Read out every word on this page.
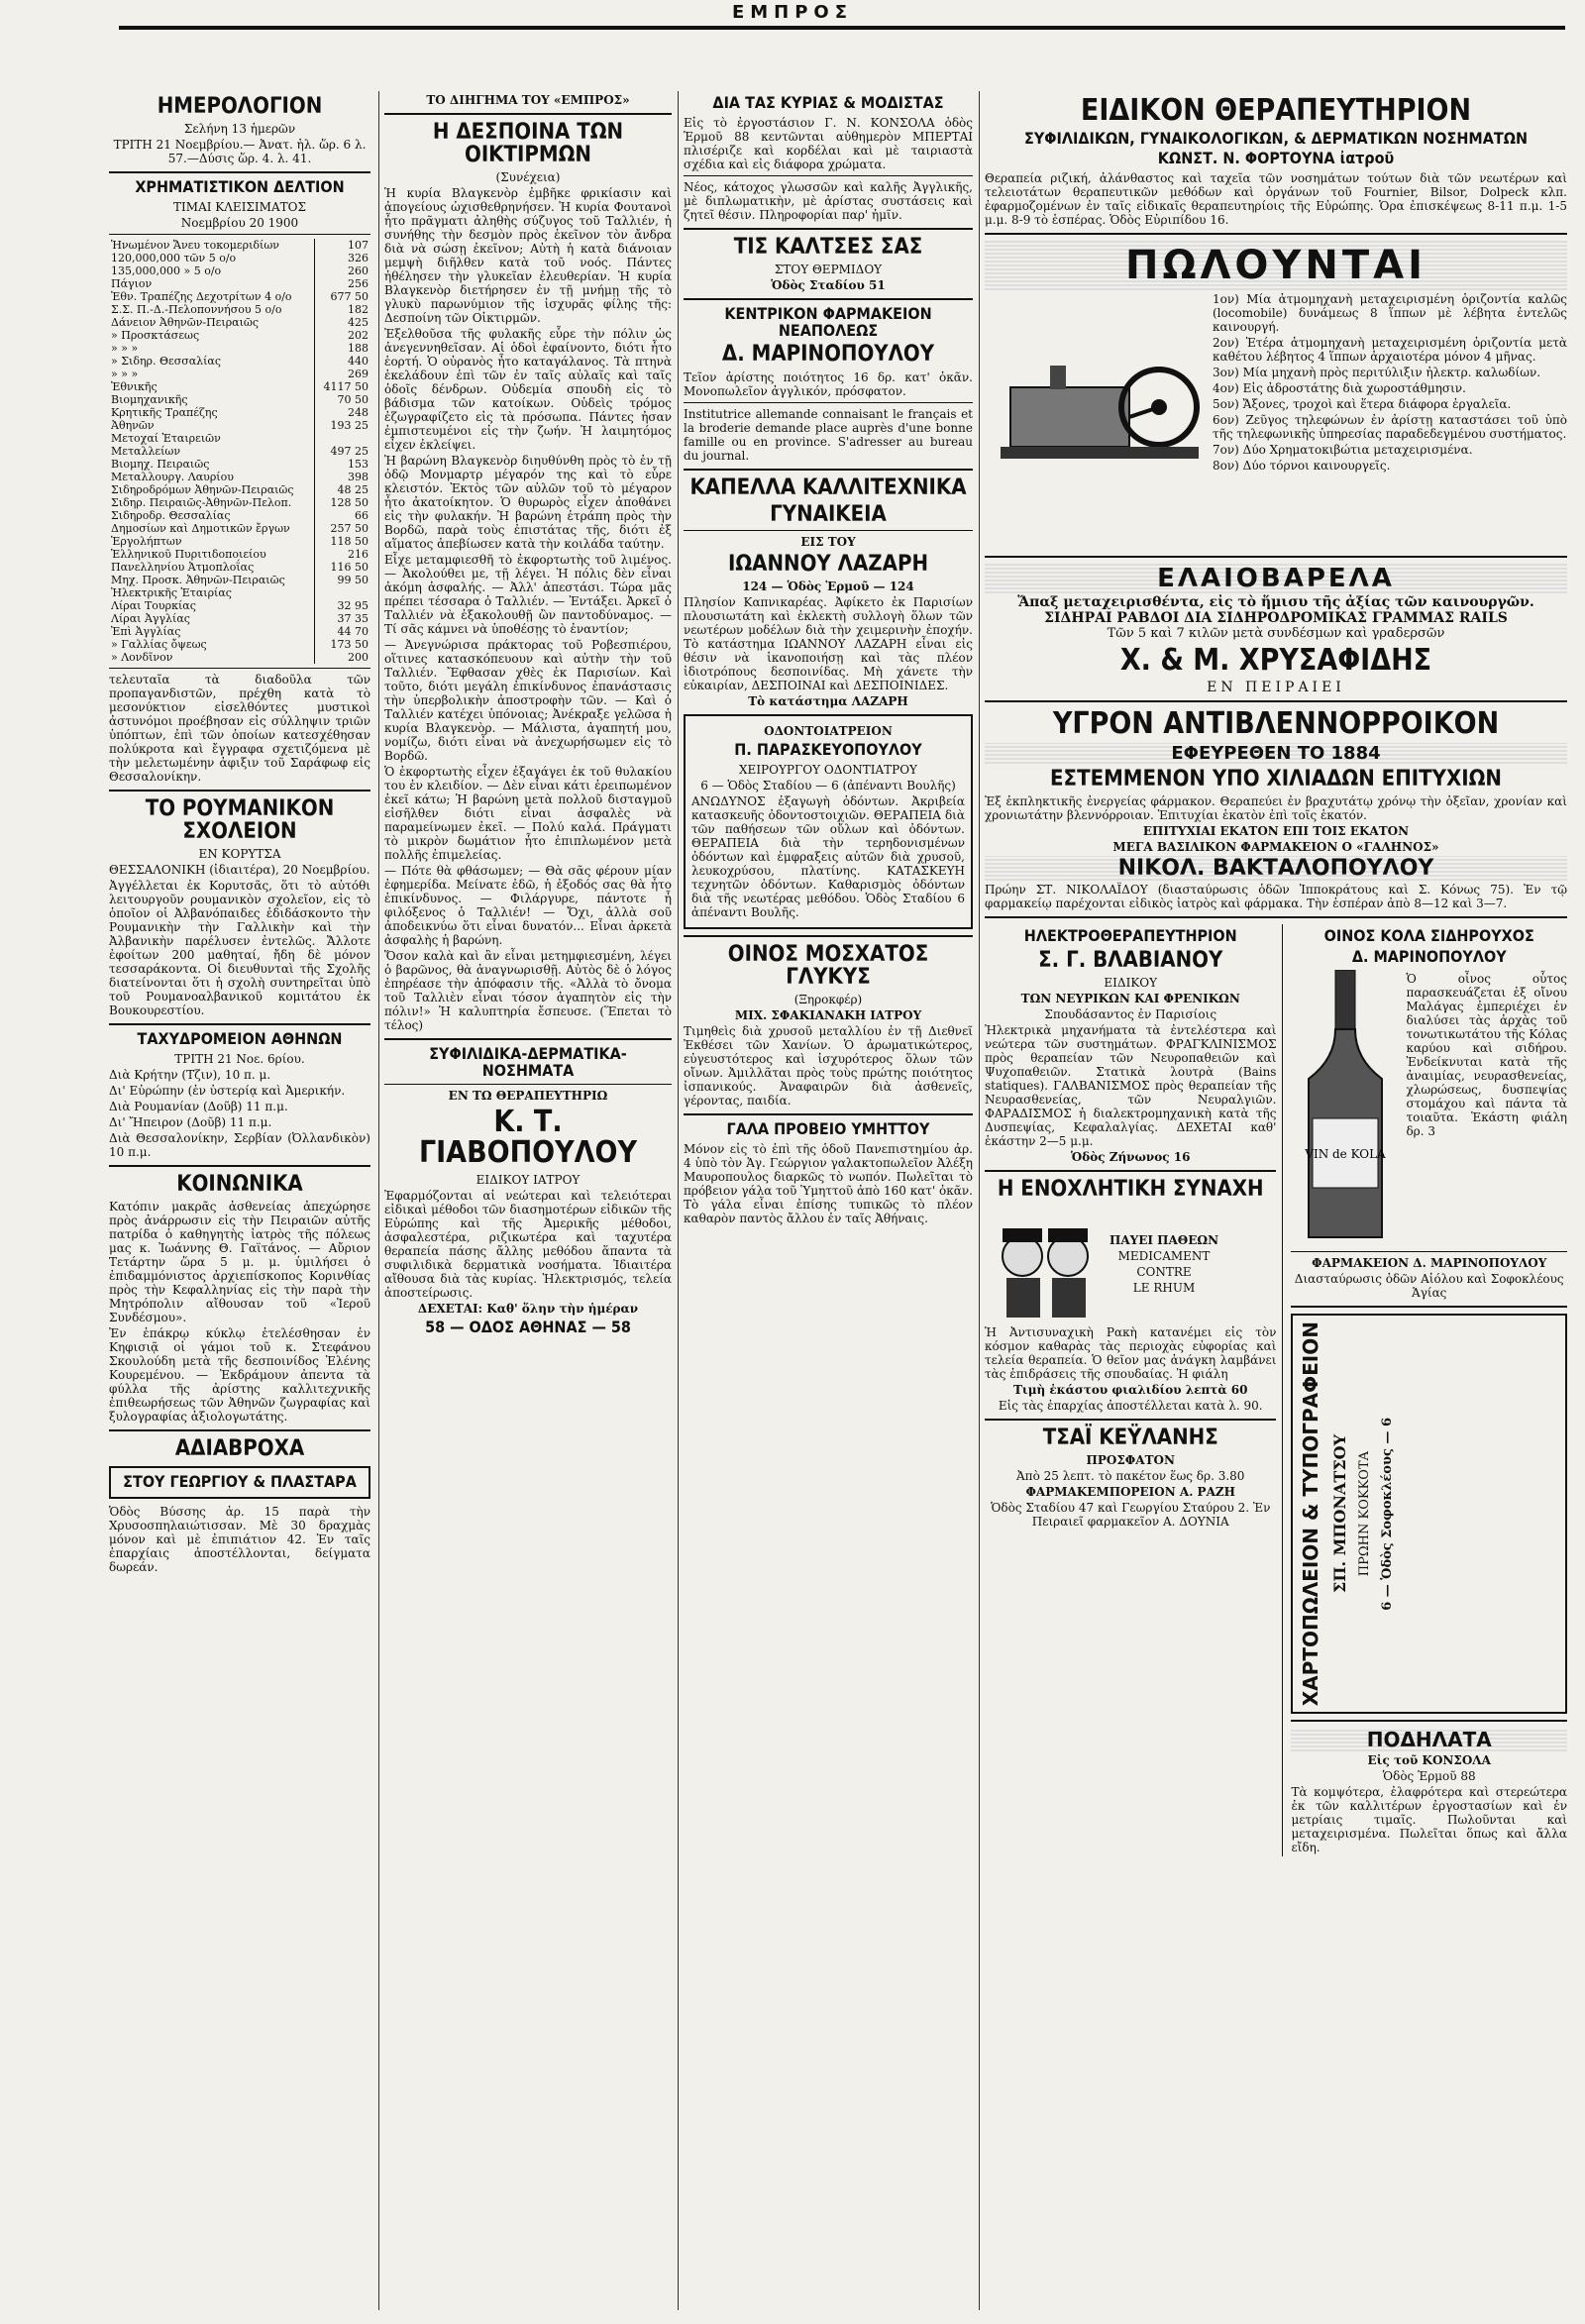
ΕΜΠΡΟΣ
ΗΜΕΡΟΛΟΓΙΟΝ

Σελήνη 13 ἡμερῶν

ΤΡΙΤΗ 21 Νοεμβρίου.— Ἀνατ. ἡλ. ὥρ. 6 λ. 57.—Δύσις ὥρ. 4. λ. 41.

ΧΡΗΜΑΤΙΣΤΙΚΟΝ ΔΕΛΤΙΟΝ

ΤΙΜΑΙ ΚΛΕΙΣΙΜΑΤΟΣ

Νοεμβρίου 20 1900

Ἡνωμένον Ἄνευ τοκομεριδίων	107
120,000,000 τῶν 5 ο/ο	326
135,000,000 » 5 ο/ο	260
Πάγιον	256
Ἐθν. Τραπέζης Δεχοτρίτων 4 ο/ο	677 50
Σ.Σ. Π.-Δ.-Πελοποννήσου 5 ο/ο	182
Δάνειον Ἀθηνῶν-Πειραιῶς	425
» Προσκτάσεως	202
» » »	188
» Σιδηρ. Θεσσαλίας	440
» » »	269
Ἐθνικῆς	4117 50
Βιομηχανικῆς	70 50
Κρητικῆς Τραπέζης	248
Ἀθηνῶν	193 25
Μετοχαί Ἑταιρειῶν	
Μεταλλείων	497 25
Βιομηχ. Πειραιῶς	153
Μεταλλουργ. Λαυρίου	398
Σιδηροδρόμων Ἀθηνῶν-Πειραιῶς	48 25
Σιδηρ. Πειραιῶς-Ἀθηνῶν-Πελοπ.	128 50
Σιδηροδρ. Θεσσαλίας	66
Δημοσίων καὶ Δημοτικῶν ἔργων	257 50
Ἐργολήπτων	118 50
Ἑλληνικοῦ Πυριτιδοποιείου	216
Πανελληνίου Ἀτμοπλοΐας	116 50
Μηχ. Προσκ. Ἀθηνῶν-Πειραιῶς	99 50
Ἠλεκτρικῆς Ἑταιρίας	
Λίραι Τουρκίας	32 95
Λίραι Ἀγγλίας	37 35
Ἐπὶ Ἀγγλίας	44 70
» Γαλλίας ὄψεως	173 50
» Λονδῖνον	200

τελευταῖα τὰ διαδοῦλα τῶν προπαγανδιστῶν, πρέχθη κατὰ τὸ μεσονύκτιον εἰσελθόντες μυστικοὶ ἀστυνόμοι προέβησαν εἰς σύλληψιν τριῶν ὑπόπτων, ἐπὶ τῶν ὁποίων κατεσχέθησαν πολύκροτα καὶ ἔγγραφα σχετιζόμενα μὲ τὴν μελετωμένην ἀφιξιν τοῦ Σαράφωφ εἰς Θεσσαλονίκην.

ΤΟ ΡΟΥΜΑΝΙΚΟΝ ΣΧΟΛΕΙΟΝ

ΕΝ ΚΟΡΥΤΣΑ

ΘΕΣΣΑΛΟΝΙΚΗ (ἰδιαιτέρα), 20 Νοεμβρίου.

Ἀγγέλλεται ἐκ Κορυτσᾶς, ὅτι τὸ αὐτόθι λειτουργοῦν ρουμανικὸν σχολεῖον, εἰς τὸ ὁποῖον οἱ Ἀλβανόπαιδες ἐδιδάσκοντο τὴν Ρουμανικὴν τὴν Γαλλικὴν καὶ τὴν Ἀλβανικὴν παρέλυσεν ἐντελῶς. Ἄλλοτε ἐφοίτων 200 μαθηταί, ἤδη δὲ μόνον τεσσαράκοντα. Οἱ διευθυνταὶ τῆς Σχολῆς διατείνονται ὅτι ἡ σχολὴ συντηρεῖται ὑπὸ τοῦ Ρουμανοαλβανικοῦ κομιτάτου ἐκ Βουκουρεστίου.

ΤΑΧΥΔΡΟΜΕΙΟΝ ΑΘΗΝΩΝ

ΤΡΙΤΗ 21 Νοε. 6ρίου.

Διὰ Κρήτην (Τζιν), 10 π. μ.

Δι' Εὐρώπην (ἐν ὑστερίᾳ καὶ Ἀμερικήν.

Διὰ Ρουμανίαν (Δοῦβ) 11 π.μ.

Δι' Ἤπειρον (Δοῦβ) 11 π.μ.

Διὰ Θεσσαλονίκην, Σερβίαν (Ὀλλανδικὸν) 10 π.μ.

ΚΟΙΝΩΝΙΚΑ

Κατόπιν μακρᾶς ἀσθενείας ἀπεχώρησε πρὸς ἀνάρρωσιν εἰς τὴν Πειραιῶν αὐτῆς πατρίδα ὁ καθηγητὴς ἰατρὸς τῆς πόλεως μας κ. Ἰωάννης Θ. Γαϊτάνος. — Αὔριον Τετάρτην ὥρα 5 μ. μ. ὑμιλήσει ὁ ἐπιδαμμόνιστος ἀρχιεπίσκοπος Κορινθίας πρὸς τὴν Κεφαλληνίας εἰς τὴν παρὰ τὴν Μητρόπολιν αἴθουσαν τοῦ «Ἱεροῦ Συνδέσμου».

Ἐν ἐπάκρῳ κύκλῳ ἐτελέσθησαν ἐν Κηφισιᾷ οἱ γάμοι τοῦ κ. Στεφάνου Σκουλούδη μετὰ τῆς δεσποινίδος Ἐλένης Κουρεμένου. — Ἐκδράμουν ἀπεντα τὰ φύλλα τῆς ἀρίστης καλλιτεχνικῆς ἐπιθεωρήσεως τῶν Ἀθηνῶν ζωγραφίας καὶ ξυλογραφίας ἀξιολογωτάτης.

ΑΔΙΑΒΡΟΧΑ
ΣΤΟΥ ΓΕΩΡΓΙΟΥ & ΠΛΑΣΤΑΡΑ

Ὁδὸς Βύσσης ἀρ. 15 παρὰ τὴν Χρυσοσπηλαιώτισσαν. Μὲ 30 δραχμὰς μόνον καὶ μὲ ἐπιπιάτιον 42. Ἐν ταῖς ἐπαρχίαις ἀποστέλλονται, δείγματα δωρεάν.

ΤΟ ΔΙΗΓΗΜΑ ΤΟΥ «ΕΜΠΡΟΣ»

Η ΔΕΣΠΟΙΝΑ ΤΩΝ ΟΙΚΤΙΡΜΩΝ

(Συνέχεια)

Ἡ κυρία Βλαγκενὸρ ἐμβῆκε φρικίασιν καὶ ἀπογείους ὠχισθεθρηνήσεν. Ἡ κυρία Φουτανοὶ ἦτο πρᾶγματι ἀληθὴς σύζυγος τοῦ Ταλλιέν, ἡ συνήθης τὴν δεσμὸν πρὸς ἐκεῖνον τὸν ἄνδρα διὰ νὰ σώσῃ ἐκεῖνον; Αὐτὴ ἡ κατὰ διάνοιαν μεμψὴ διῆλθεν κατὰ τοῦ νοός. Πάντες ἠθέλησεν τὴν γλυκεῖαν ἐλευθερίαν. Ἡ κυρία Βλαγκενὸρ διετήρησεν ἐν τῇ μνήμῃ τῆς τὸ γλυκὺ παρωνύμιον τῆς ἰσχυρᾶς φίλης τῆς: Δεσποίνη τῶν Οἰκτιρμῶν.

Ἐξελθοῦσα τῆς φυλακῆς εὗρε τὴν πόλιν ὡς ἀνεγεννηθεῖσαν. Αἱ ὁδοὶ ἐφαίνοντο, διότι ἦτο ἑορτή. Ὁ οὐρανὸς ἦτο καταγάλανος. Τὰ πτηνὰ ἐκελάδουν ἐπὶ τῶν ἐν ταῖς αὐλαῖς καὶ ταῖς ὁδοῖς δένδρων. Οὐδεμία σπουδὴ εἰς τὸ βάδισμα τῶν κατοίκων. Οὐδεὶς τρόμος ἐζωγραφίζετο εἰς τὰ πρόσωπα. Πάντες ἠσαν ἐμπιστευμένοι εἰς τὴν ζωήν. Ἡ λαιμητόμος εἶχεν ἐκλείψει.

Ἡ βαρώνη Βλαγκενὸρ διηυθύνθη πρὸς τὸ ἐν τῇ ὁδῷ Μονμαρτρ μέγαρόν της καὶ τὸ εὗρε κλειστόν. Ἐκτὸς τῶν αὐλῶν τοῦ τὸ μέγαρον ἦτο ἀκατοίκητον. Ὁ θυρωρὸς εἶχεν ἀποθάνει εἰς τὴν φυλακήν. Ἡ βαρώνη ἐτράπη πρὸς τὴν Βορδῶ, παρὰ τοὺς ἐπιστάτας τῆς, διότι ἐξ αἵματος ἀπεβίωσεν κατὰ τὴν κοιλάδα ταύτην.

Εἶχε μεταμφιεσθῆ τὸ ἐκφορτωτὴς τοῦ λιμένος. — Ἀκολούθει με, τῇ λέγει. Ἡ πόλις δὲν εἶναι ἀκόμη ἀσφαλής. — Ἀλλ' ἀπεστάσι. Τώρα μᾶς πρέπει τέσσαρα ὁ Ταλλιέν. — Ἐντάξει. Ἀρκεῖ ὁ Ταλλιέν νὰ ἐξακολουθῇ ὢν παντοδύναμος. — Τί σᾶς κάμνει νὰ ὑποθέσῃς τὸ ἐναντίον;

— Ἀνεγνώρισα πράκτορας τοῦ Ροβεσπιέρου, οἵτινες κατασκόπευουν καὶ αὐτὴν τὴν τοῦ Ταλλιέν. Ἔφθασαν χθὲς ἐκ Παρισίων. Καὶ τοῦτο, διότι μεγάλη ἐπικίνδυνος ἐπανάστασις τὴν ὑπερβολικὴν ἀποστροφὴν τῶν. — Καὶ ὁ Ταλλιέν κατέχει ὑπόνοιας; Ἀνέκραξε γελῶσα ἡ κυρία Βλαγκενὸρ. — Μάλιστα, ἀγαπητή μου, νομίζω, διότι εἶναι νὰ ἀνεχωρήσωμεν εἰς τὸ Βορδῶ.

Ὁ ἐκφορτωτὴς εἶχεν ἐξαγάγει ἐκ τοῦ θυλακίου του ἐν κλειδίον. — Δὲν εἶναι κάτι ἐρειπωμένον ἐκεῖ κάτω; Ἡ βαρώνη μετὰ πολλοῦ δισταγμοῦ εἰσῆλθεν διότι εἶναι ἀσφαλὲς νὰ παραμείνωμεν ἐκεῖ. — Πολύ καλά. Πράγματι τὸ μικρὸν δωμάτιον ἦτο ἐπιπλωμένον μετὰ πολλῆς ἐπιμελείας.

— Πότε θὰ φθάσωμεν; — Θὰ σᾶς φέρουν μίαν ἐφημερίδα. Μείνατε ἐδῶ, ἡ ἐξοδός σας θὰ ἦτο ἐπικίνδυνος. — Φιλάργυρε, πάντοτε ἦ φιλόξενος ὁ Ταλλιέν! — Ὄχι, ἀλλὰ σοῦ ἀποδεικνύω ὅτι εἶναι δυνατόν... Εἶναι ἀρκετὰ ἀσφαλὴς ἡ βαρώνη.

Ὅσον καλὰ καὶ ἂν εἶναι μετημφιεσμένη, λέγει ὁ βαρῶνος, θὰ ἀναγνωρισθῇ. Αὐτὸς δὲ ὁ λόγος ἐπηρέασε τὴν ἀπόφασιν τῆς. «Ἀλλὰ τὸ ὄνομα τοῦ Ταλλιὲν εἶναι τόσον ἀγαπητὸν εἰς τὴν πόλιν!» Ἡ καλυπτηρία ἔσπευσε. (Ἕπεται τὸ τέλος)

ΣΥΦΙΛΙΔΙΚΑ-ΔΕΡΜΑΤΙΚΑ-ΝΟΣΗΜΑΤΑ

ΕΝ ΤΩ ΘΕΡΑΠΕΥΤΗΡΙΩ

Κ. Τ. ΓΙΑΒΟΠΟΥΛΟΥ

ΕΙΔΙΚΟΥ ΙΑΤΡΟΥ

Ἐφαρμόζονται αἱ νεώτεραι καὶ τελειότεραι εἰδικαὶ μέθοδοι τῶν διασημοτέρων εἰδικῶν τῆς Εὐρώπης καὶ τῆς Ἀμερικῆς μέθοδοι, ἀσφαλεστέρα, ριζικωτέρα καὶ ταχυτέρα θεραπεία πάσης ἄλλης μεθόδου ἅπαντα τὰ συφιλιδικὰ δερματικὰ νοσήματα. Ἰδιαιτέρα αἴθουσα διὰ τὰς κυρίας. Ἠλεκτρισμός, τελεία ἀποστείρωσις.

ΔΕΧΕΤΑΙ: Καθ' ὅλην τὴν ἡμέραν

58 — ΟΔΟΣ ΑΘΗΝΑΣ — 58
ΔΙΑ ΤΑΣ ΚΥΡΙΑΣ & ΜΟΔΙΣΤΑΣ

Εἰς τὸ ἐργοστάσιον Γ. Ν. ΚΟΝΣΟΛΑ ὁδὸς Ἑρμοῦ 88 κεντῶνται αὐθημερὸν ΜΠΕΡΤΑΙ πλισέριζε καὶ κορδέλαι καὶ μὲ ταιριαστὰ σχέδια καὶ εἰς διάφορα χρώματα.

Νέος, κάτοχος γλωσσῶν καὶ καλῆς Ἀγγλικῆς, μὲ διπλωματικὴν, μὲ ἀρίστας συστάσεις καὶ ζητεῖ θέσιν. Πληροφορίαι παρ' ἡμῖν.

ΤΙΣ ΚΑΛΤΣΕΣ ΣΑΣ

ΣΤΟΥ ΘΕΡΜΙΔΟΥ

Ὁδὸς Σταδίου 51

ΚΕΝΤΡΙΚΟΝ ΦΑΡΜΑΚΕΙΟΝ ΝΕΑΠΟΛΕΩΣ
Δ. ΜΑΡΙΝΟΠΟΥΛΟΥ

Τεῖον ἀρίστης ποιότητος 16 δρ. κατ' ὀκᾶν. Μονοπωλεῖον ἀγγλικόν, πρόσφατον.

Institutrice allemande connaisant le français et la broderie demande place auprès d'une bonne famille ou en province. S'adresser au bureau du journal.

ΚΑΠΕΛΛΑ ΚΑΛΛΙΤΕΧΝΙΚΑ
ΓΥΝΑΙΚΕΙΑ

ΕΙΣ ΤΟΥ

ΙΩΑΝΝΟΥ ΛΑΖΑΡΗ

124 — Ὁδὸς Ἑρμοῦ — 124

Πλησίον Καπνικαρέας. Ἀφίκετο ἐκ Παρισίων πλουσιωτάτη καὶ ἐκλεκτὴ συλλογὴ ὅλων τῶν νεωτέρων μοδέλων διὰ τὴν χειμερινὴν ἐποχήν. Τὸ κατάστημα ΙΩΑΝΝΟΥ ΛΑΖΑΡΗ εἶναι εἰς θέσιν νὰ ἱκανοποιήσῃ καὶ τὰς πλέον ἰδιοτρόπους δεσποινίδας. Μὴ χάνετε τὴν εὐκαιρίαν, ΔΕΣΠΟΙΝΑΙ καὶ ΔΕΣΠΟΙΝΙΔΕΣ.

Τὸ κατάστημα ΛΑΖΑΡΗ

ΟΔΟΝΤΟΙΑΤΡΕΙΟΝ

Π. ΠΑΡΑΣΚΕΥΟΠΟΥΛΟΥ

ΧΕΙΡΟΥΡΓΟΥ ΟΔΟΝΤΙΑΤΡΟΥ

6 — Ὁδὸς Σταδίου — 6 (ἀπέναντι Βουλῆς)

ΑΝΩΔΥΝΟΣ ἐξαγωγὴ ὀδόντων. Ἀκριβεία κατασκευῆς ὀδοντοστοιχιῶν. ΘΕΡΑΠΕΙΑ διὰ τῶν παθήσεων τῶν οὔλων καὶ ὀδόντων. ΘΕΡΑΠΕΙΑ διὰ τὴν τερηδονισμένων ὀδόντων καὶ ἐμφραξεις αὐτῶν διὰ χρυσοῦ, λευκοχρύσου, πλατίνης. ΚΑΤΑΣΚΕΥΗ τεχνητῶν ὀδόντων. Καθαρισμὸς ὀδόντων διὰ τῆς νεωτέρας μεθόδου. Ὁδὸς Σταδίου 6 ἀπέναντι Βουλῆς.

ΟΙΝΟΣ ΜΟΣΧΑΤΟΣ ΓΛΥΚΥΣ

(Ξηροκφέρ)

ΜΙΧ. ΣΦΑΚΙΑΝΑΚΗ ΙΑΤΡΟΥ

Τιμηθεὶς διὰ χρυσοῦ μεταλλίου ἐν τῇ Διεθνεῖ Ἐκθέσει τῶν Χανίων. Ὁ ἀρωματικώτερος, εὐγευστότερος καὶ ἰσχυρότερος ὅλων τῶν οἴνων. Ἀμιλλᾶται πρὸς τοὺς πρώτης ποιότητος ἰσπανικούς. Ἀναφαιρῶν διὰ ἀσθενεῖς, γέροντας, παιδία.

ΓΑΛΑ ΠΡΟΒΕΙΟ ΥΜΗΤΤΟΥ

Μόνον εἰς τὸ ἐπὶ τῆς ὁδοῦ Πανεπιστημίου ἀρ. 4 ὑπὸ τὸν Ἁγ. Γεώργιον γαλακτοπωλεῖον Ἀλέξη Μαυροπουλος διαρκῶς τὸ νωπόν. Πωλεῖται τὸ πρόβειον γάλα τοῦ Ὑμηττοῦ ἀπὸ 160 κατ' ὀκᾶν. Τὸ γάλα εἶναι ἐπίσης τυπικῶς τὸ πλέον καθαρὸν παντὸς ἄλλου ἐν ταῖς Ἀθήναις.

ΕΙΔΙΚΟΝ ΘΕΡΑΠΕΥΤΗΡΙΟΝ
ΣΥΦΙΛΙΔΙΚΩΝ, ΓΥΝΑΙΚΟΛΟΓΙΚΩΝ, & ΔΕΡΜΑΤΙΚΩΝ ΝΟΣΗΜΑΤΩΝ
ΚΩΝΣΤ. Ν. ΦΟΡΤΟΥΝΑ ἰατροῦ

Θεραπεία ριζική, ἀλάνθαστος καὶ ταχεῖα τῶν νοσημάτων τούτων διὰ τῶν νεωτέρων καὶ τελειοτάτων θεραπευτικῶν μεθόδων καὶ ὀργάνων τοῦ Fournier, Bilsor, Dolpeck κλπ. ἐφαρμοζομένων ἐν ταῖς εἰδικαῖς θεραπευτηρίοις τῆς Εὐρώπης. Ὁρα ἐπισκέψεως 8-11 π.μ. 1-5 μ.μ. 8-9 τὸ ἑσπέρας. Ὁδὸς Εὐριπίδου 16.

ΠΩΛΟΥΝΤΑΙ

1ον) Μία ἀτμομηχανὴ μεταχειρισμένη ὁριζοντία καλῶς (locomobile) δυνάμεως 8 ἵππων μὲ λέβητα ἐντελῶς καινουργή.

2ον) Ἑτέρα ἀτμομηχανὴ μεταχειρισμένη ὁριζοντία μετὰ καθέτου λέβητος 4 ἵππων ἀρχαιοτέρα μόνον 4 μῆνας.

3ον) Μία μηχανὴ πρὸς περιτύλιξιν ἠλεκτρ. καλωδίων.

4ον) Εἰς ἀδροστάτης διὰ χωροστάθμησιν.

5ον) Ἄξονες, τροχοὶ καὶ ἕτερα διάφορα ἐργαλεῖα.

6ον) Ζεῦγος τηλεφώνων ἐν ἀρίστῃ καταστάσει τοῦ ὑπὸ τῆς τηλεφωνικῆς ὑπηρεσίας παραδεδεγμένου συστήματος.

7ον) Δύο Χρηματοκιβώτια μεταχειρισμένα.

8ον) Δύο τόρνοι καινουργεῖς.

ΕΛΑΙΟΒΑΡΕΛΑ

Ἅπαξ μεταχειρισθέντα, εἰς τὸ ἥμισυ τῆς ἀξίας τῶν καινουργῶν.

ΣΙΔΗΡΑΙ ΡΑΒΔΟΙ ΔΙΑ ΣΙΔΗΡΟΔΡΟΜΙΚΑΣ ΓΡΑΜΜΑΣ RAILS

Τῶν 5 καὶ 7 κιλῶν μετὰ συνδέσμων καὶ γραδερσῶν

Χ. & Μ. ΧΡΥΣΑΦΙΔΗΣ

ΕΝ ΠΕΙΡΑΙΕΙ

ΥΓΡΟΝ ΑΝΤΙΒΛΕΝΝΟΡΡΟΙΚΟΝ
ΕΦΕΥΡΕΘΕΝ ΤΟ 1884
ΕΣΤΕΜΜΕΝΟΝ ΥΠΟ ΧΙΛΙΑΔΩΝ ΕΠΙΤΥΧΙΩΝ

Ἐξ ἐκπληκτικῆς ἐνεργείας φάρμακον. Θεραπεύει ἐν βραχυτάτῳ χρόνῳ τὴν ὀξεῖαν, χρονίαν καὶ χρονιωτάτην βλεννόρροιαν. Ἐπιτυχίαι ἑκατὸν ἐπὶ τοῖς ἑκατόν.

ΕΠΙΤΥΧΙΑΙ ΕΚΑΤΟΝ ΕΠΙ ΤΟΙΣ ΕΚΑΤΟΝ

ΜΕΓΑ ΒΑΣΙΛΙΚΟΝ ΦΑΡΜΑΚΕΙΟΝ Ο «ΓΑΛΗΝΟΣ»

ΝΙΚΟΛ. ΒΑΚΤΑΛΟΠΟΥΛΟΥ

Πρώην ΣΤ. ΝΙΚΟΛΑΪΔΟΥ (διασταύρωσις ὁδῶν Ἱπποκράτους καὶ Σ. Κόνως 75). Ἐν τῷ φαρμακείῳ παρέχονται εἰδικὸς ἰατρὸς καὶ φάρμακα. Τὴν ἑσπέραν ἀπὸ 8—12 καὶ 3—7.

ΗΛΕΚΤΡΟΘΕΡΑΠΕΥΤΗΡΙΟΝ
Σ. Γ. ΒΛΑΒΙΑΝΟΥ

ΕΙΔΙΚΟΥ

ΤΩΝ ΝΕΥΡΙΚΩΝ ΚΑΙ ΦΡΕΝΙΚΩΝ

Σπουδάσαντος ἐν Παρισίοις

Ἠλεκτρικὰ μηχανήματα τὰ ἐντελέστερα καὶ νεώτερα τῶν συστημάτων. ΦΡΑΓΚΛΙΝΙΣΜΟΣ πρὸς θεραπείαν τῶν Νευροπαθειῶν καὶ Ψυχοπαθειῶν. Στατικὰ λουτρὰ (Bains statiques). ΓΑΛΒΑΝΙΣΜΟΣ πρὸς θεραπείαν τῆς Νευρασθενείας, τῶν Νευραλγιῶν. ΦΑΡΑΔΙΣΜΟΣ ἡ διαλεκτρομηχανικὴ κατὰ τῆς Δυσπεψίας, Κεφαλαλγίας. ΔΕΧΕΤΑΙ καθ' ἑκάστην 2—5 μ.μ.

Ὁδὸς Ζήνωνος 16

Η ΕΝΟΧΛΗΤΙΚΗ ΣΥΝΑΧΗ

ΠΑΥΕΙ ΠΑΘΕΩΝ

MEDICAMENT

CONTRE

LE RHUM

Ἡ Ἀντισυναχικὴ Ρακὴ κατανέμει εἰς τὸν κόσμον καθαρὰς τὰς περιοχὰς εὐφορίας καὶ τελεία θεραπεία. Ὁ θεῖον μας ἀνάγκη λαμβάνει τὰς ἐπιδράσεις τῆς σπουδαίας. Ἡ φιάλη

Τιμὴ ἑκάστου φιαλιδίου λεπτὰ 60

Εἰς τὰς ἐπαρχίας ἀποστέλλεται κατὰ λ. 90.

ΤΣΑΪ ΚΕΫΛΑΝΗΣ

ΠΡΟΣΦΑΤΟΝ

Ἀπὸ 25 λεπτ. τὸ πακέτον ἕως δρ. 3.80

ΦΑΡΜΑΚΕΜΠΟΡΕΙΟΝ Α. ΡΑΖΗ

Ὁδὸς Σταδίου 47 καὶ Γεωργίου Σταύρου 2. Ἐν Πειραιεῖ φαρμακεῖον Α. ΔΟΥΝΙΑ

ΟΙΝΟΣ ΚΟΛΑ ΣΙΔΗΡΟΥΧΟΣ
Δ. ΜΑΡΙΝΟΠΟΥΛΟΥ
VIN de KOLA

Ὁ οἶνος οὗτος παρασκευάζεται ἐξ οἴνου Μαλάγας ἐμπεριέχει ἐν διαλύσει τὰς ἀρχὰς τοῦ τονωτικωτάτου τῆς Κόλας καρύου καὶ σιδήρου. Ἐνδείκνυται κατὰ τῆς ἀναιμίας, νευρασθενείας, χλωρώσεως, δυσπεψίας στομάχου καὶ πάντα τὰ τοιαῦτα. Ἑκάστη φιάλη δρ. 3

ΦΑΡΜΑΚΕΙΟΝ Δ. ΜΑΡΙΝΟΠΟΥΛΟΥ

Διασταύρωσις ὁδῶν Αἰόλου καὶ Σοφοκλέους Ἁγίας

ΧΑΡΤΟΠΩΛΕΙΟΝ & ΤΥΠΟΓΡΑΦΕΙΟΝ ΣΠ. ΜΠΟΝΑΤΣΟΥ ΠΡΩΗΝ ΚΟΚΚΟΤΑ 6 — Ὁδὸς Σοφοκλέους — 6
ΠΟΔΗΛΑΤΑ

Εἰς τοῦ ΚΟΝΣΟΛΑ

Ὁδὸς Ἑρμοῦ 88

Τὰ κομψότερα, ἐλαφρότερα καὶ στερεώτερα ἐκ τῶν καλλιτέρων ἐργοστασίων καὶ ἐν μετρίαις τιμαῖς. Πωλοῦνται καὶ μεταχειρισμένα. Πωλεῖται ὅπως καὶ ἄλλα εἴδη.
